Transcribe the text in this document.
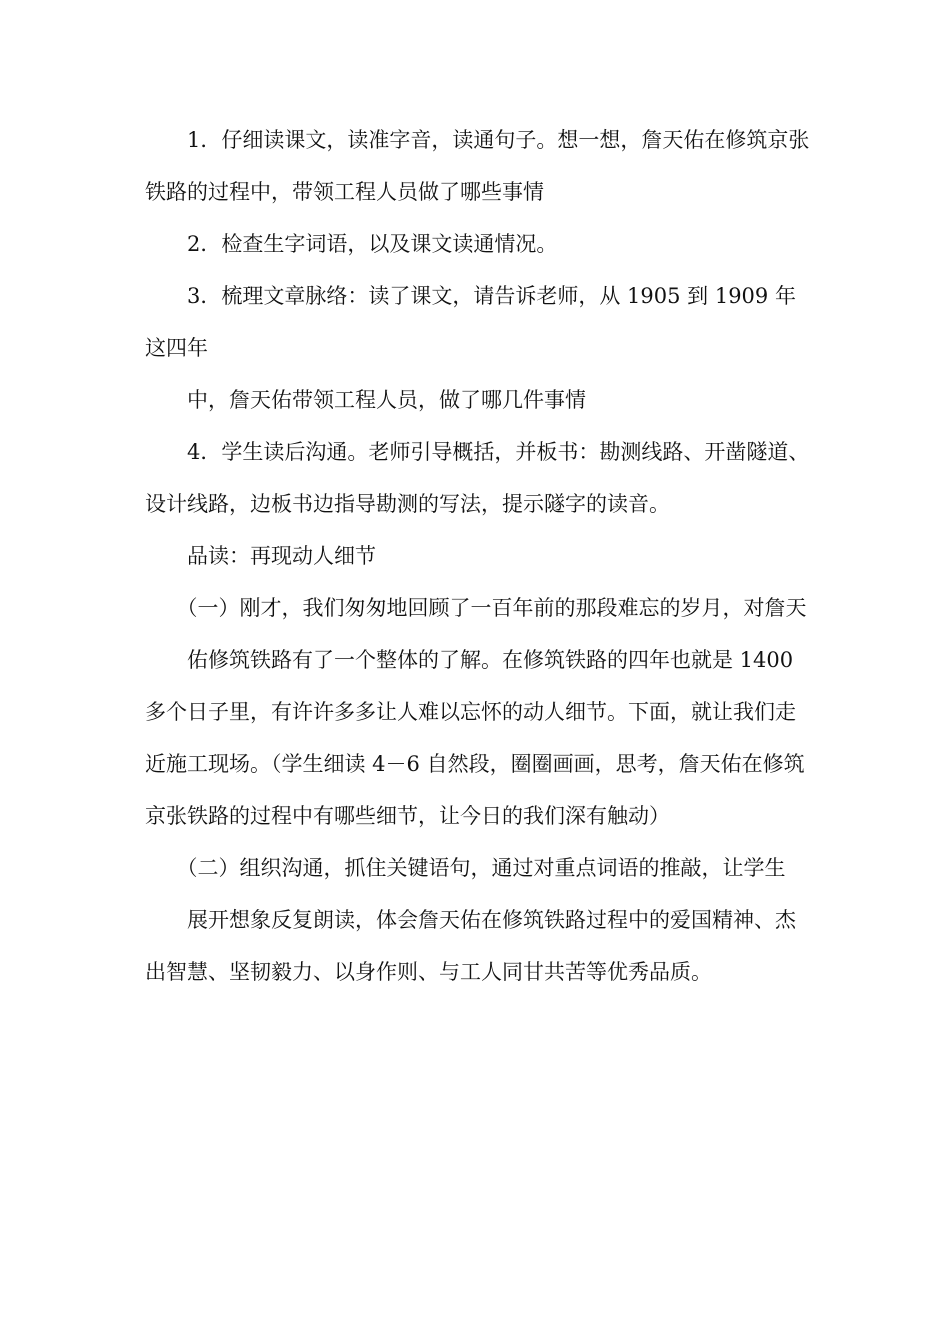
1．仔细读课文，读准字音，读通句子。想一想，詹天佑在修筑京张铁路的过程中，带领工程人员做了哪些事情

2．检查生字词语，以及课文读通情况。

3．梳理文章脉络：读了课文，请告诉老师，从 1905 到 1909 年这四年

中，詹天佑带领工程人员，做了哪几件事情

4．学生读后沟通。老师引导概括，并板书：勘测线路、开凿隧道、设计线路，边板书边指导勘测的写法，提示隧字的读音。

品读：再现动人细节

（一）刚才，我们匆匆地回顾了一百年前的那段难忘的岁月，对詹天

佑修筑铁路有了一个整体的了解。在修筑铁路的四年也就是 1400 多个日子里，有许许多多让人难以忘怀的动人细节。下面，就让我们走近施工现场。（学生细读 4－6 自然段，圈圈画画，思考，詹天佑在修筑京张铁路的过程中有哪些细节，让今日的我们深有触动）

（二）组织沟通，抓住关键语句，通过对重点词语的推敲，让学生

展开想象反复朗读，体会詹天佑在修筑铁路过程中的爱国精神、杰出智慧、坚韧毅力、以身作则、与工人同甘共苦等优秀品质。
